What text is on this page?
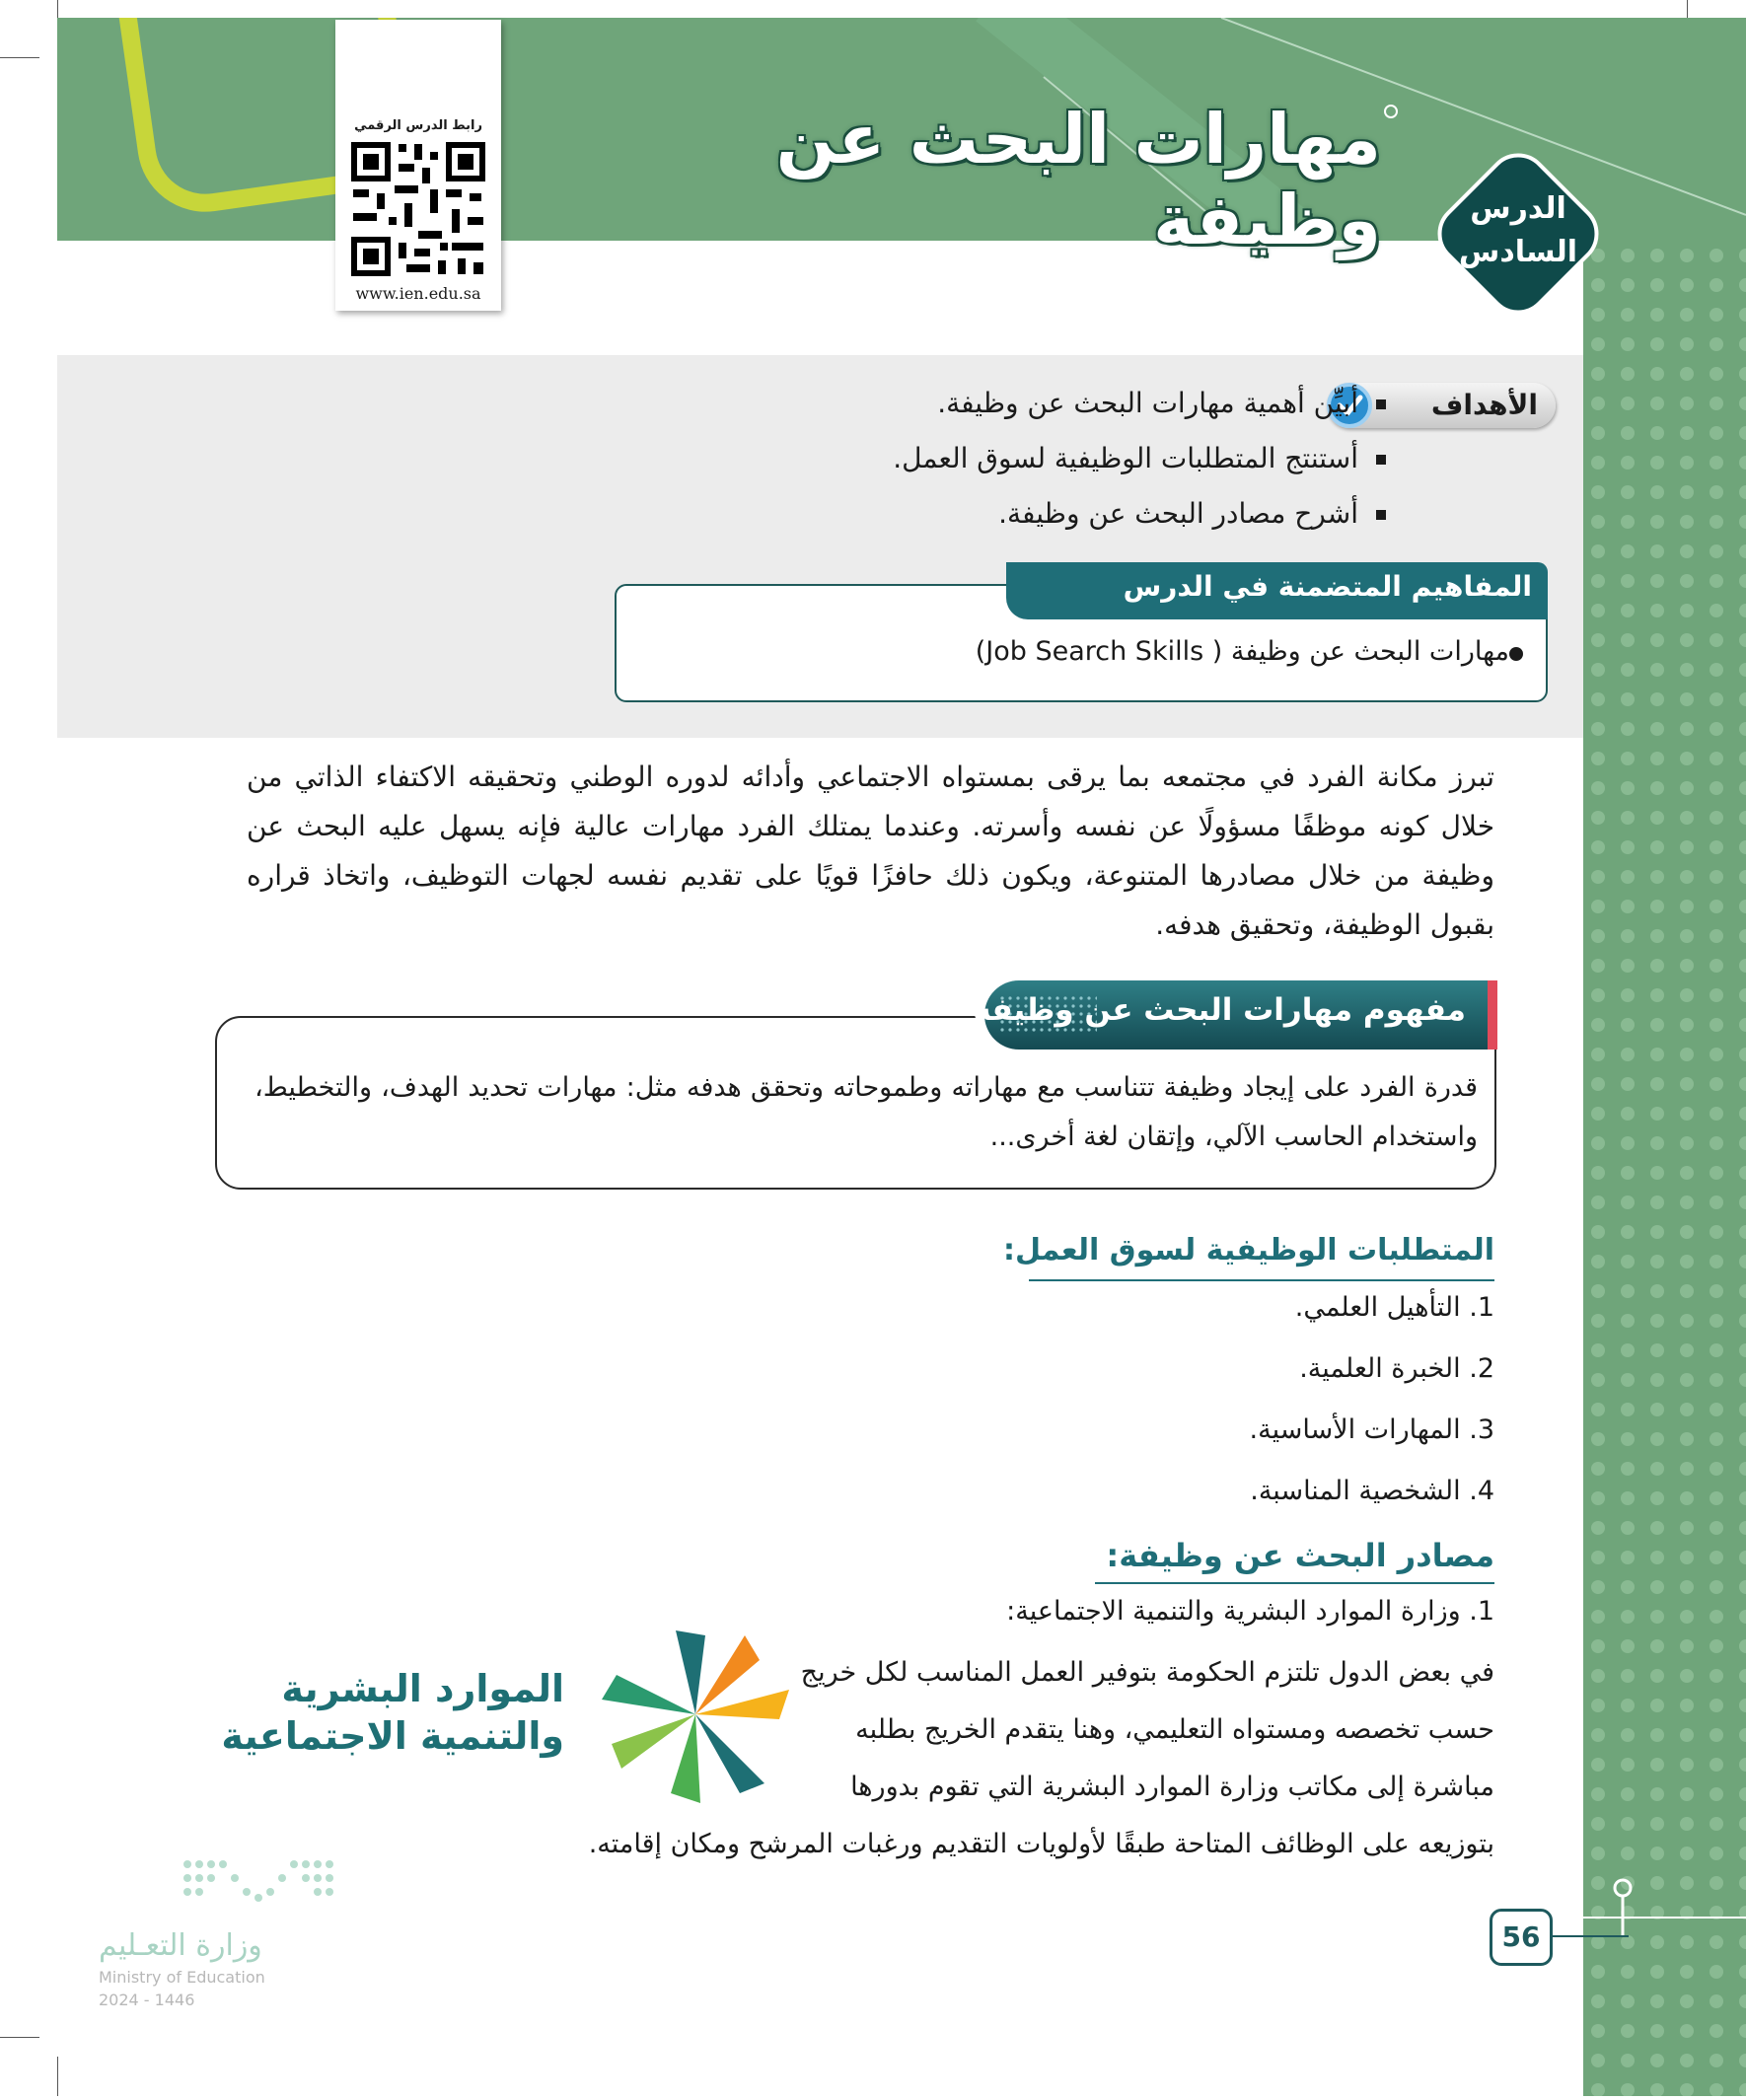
مهارات البحث عن وظيفة	الدرس
السادس
رابط الدرس الرقمي
www.ien.edu.sa
الأهداف
أبيِّن أهمية مهارات البحث عن وظيفة.
أستنتج المتطلبات الوظيفية لسوق العمل.
أشرح مصادر البحث عن وظيفة.
المفاهيم المتضمنة في الدرس
مهارات البحث عن وظيفة ( Job Search Skills)
تبرز مكانة الفرد في مجتمعه بما يرقى بمستواه الاجتماعي وأدائه لدوره الوطني وتحقيقه الاكتفاء الذاتي من خلال كونه موظفًا مسؤولًا عن نفسه وأسرته. وعندما يمتلك الفرد مهارات عالية فإنه يسهل عليه البحث عن وظيفة من خلال مصادرها المتنوعة، ويكون ذلك حافزًا قويًا على تقديم نفسه لجهات التوظيف، واتخاذ قراره بقبول الوظيفة، وتحقيق هدفه.
مفهوم مهارات البحث عن وظيفة
قدرة الفرد على إيجاد وظيفة تتناسب مع مهاراته وطموحاته وتحقق هدفه مثل: مهارات تحديد الهدف، والتخطيط، واستخدام الحاسب الآلي، وإتقان لغة أخرى...
المتطلبات الوظيفية لسوق العمل:
1. التأهيل العلمي.
2. الخبرة العلمية.
3. المهارات الأساسية.
4. الشخصية المناسبة.
مصادر البحث عن وظيفة:
1. وزارة الموارد البشرية والتنمية الاجتماعية:
في بعض الدول تلتزم الحكومة بتوفير العمل المناسب لكل خريج
حسب تخصصه ومستواه التعليمي، وهنا يتقدم الخريج بطلبه
مباشرة إلى مكاتب وزارة الموارد البشرية التي تقوم بدورها
بتوزيعه على الوظائف المتاحة طبقًا لأولويات التقديم ورغبات المرشح ومكان إقامته.
الموارد البشرية
والتنمية الاجتماعية
56
وزارة التعـليم
Ministry of Education
2024 - 1446
